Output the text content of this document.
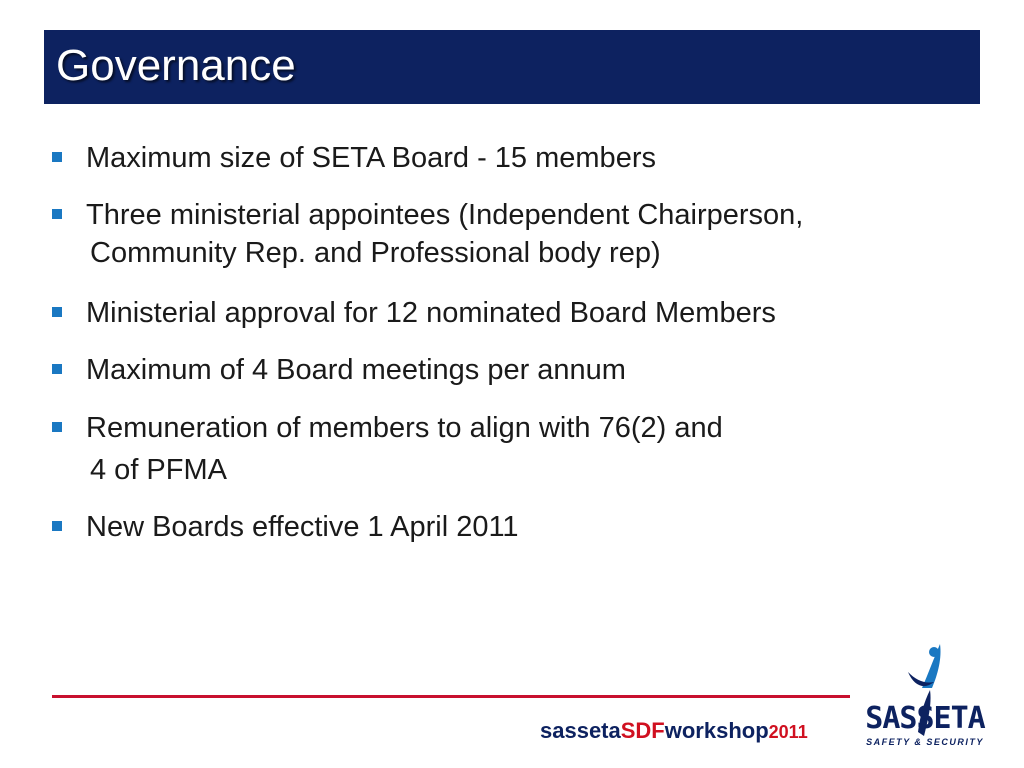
Governance
Maximum size of SETA Board - 15 members
Three ministerial appointees (Independent Chairperson,
Community Rep. and Professional body rep)
Ministerial approval for 12 nominated Board Members
Maximum of 4 Board meetings per annum
Remuneration of members to align with 76(2) and
4 of PFMA
New Boards effective 1 April 2011
sassetaSDFworkshop2011 SASSETA
SAFETY & SECURITY
